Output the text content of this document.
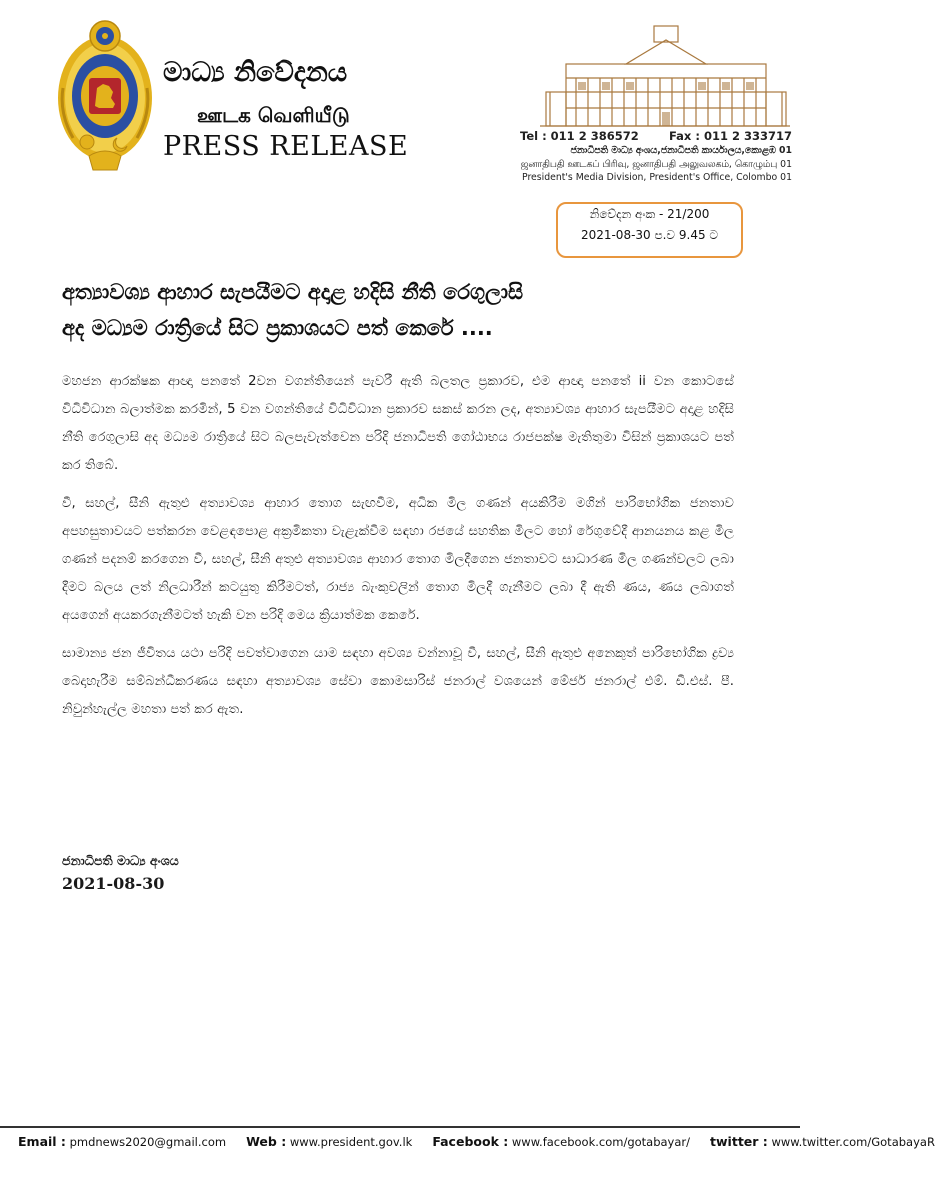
මාධ්‍ය නිවේදනය
ஊடக வெளியீடு
PRESS RELEASE	Tel : 011 2 386572	Fax : 011 2 333717
ජනාධිපති මාධ්‍ය අංශය,ජනාධිපති කාර්යාලය,කොළඹ 01
ஜனாதிபதி ஊடகப் பிரிவு, ஜனாதிபதி அலுவலகம், கொழும்பு 01
President's Media Division, President's Office, Colombo 01
නිවේදන අංක - 21/200
2021-08-30 ප.ව 9.45 ට
අත්‍යාවශ්‍ය ආහාර සැපයීමට අදාළ හදිසි නීති රෙගුලාසි
අද මධ්‍යම රාත්‍රියේ සිට ප්‍රකාශයට පත් කෙරේ ....

මහජන ආරක්ෂක ආඥා පනතේ 2වන වගන්තියෙන් පැවරී ඇති බලතල ප්‍රකාරව, එම ආඥා පනතේ ii වන කොටසේ විධිවිධාන බලාත්මක කරමින්, 5 වන වගන්තියේ විධිවිධාන ප්‍රකාරව සකස් කරන ලද, අත්‍යාවශ්‍ය ආහාර සැපයීමට අදාළ හදිසි නීති රෙගුලාසි අද මධ්‍යම රාත්‍රියේ සිට බලපැවැත්වෙන පරිදි ජනාධිපති ගෝඨාභය රාජපක්ෂ මැතිතුමා විසින් ප්‍රකාශයට පත් කර තිබේ.

වී, සහල්, සීනි ඇතුළු අත්‍යාවශ්‍ය ආහාර තොග සැඟවීම, අධික මිල ගණන් අයකිරීම මගින් පාරිභෝගික ජනතාව අපහසුතාවයට පත්කරන වෙළඳපොළ අක්‍රමිකතා වැළැක්වීම සඳහා රජයේ සහතික මිලට හෝ රේගුවේදී ආනයනය කළ මිල ගණන් පදනම් කරගෙන වී, සහල්, සීනි අතුළු අත්‍යාවශ්‍ය ආහාර තොග මිලදීගෙන ජනතාවට සාධාරණ මිල ගණන්වලට ලබා දීමට බලය ලත් නිලධාරීන් කටයුතු කිරීමටත්, රාජ්‍ය බැංකුවලින් තොග මිලදී ගැනීමට ලබා දී ඇති ණය, ණය ලබාගත් අයගෙන් අයකරගැනීමටත් හැකි වන පරිදි මෙය ක්‍රියාත්මක කෙරේ.

සාමාන්‍ය ජන ජීවිතය යථා පරිදි පවත්වාගෙන යාම සඳහා අවශ්‍ය වන්නාවූ වී, සහල්, සීනි ඇතුළු අනෙකුත් පාරිභෝගික ද්‍රව්‍ය බෙදාහැරීම සම්බන්ධීකරණය සඳහා අත්‍යාවශ්‍ය සේවා කොමසාරිස් ජනරාල් වශයෙන් මේජර් ජනරාල් එම්. ඩී.එස්. පී. නිවුන්හැල්ල මහතා පත් කර ඇත.

ජනාධිපති මාධ්‍ය අංශය
2021-08-30
Email : pmdnews2020@gmail.com Web : www.president.gov.lk Facebook : www.facebook.com/gotabayar/ twitter : www.twitter.com/GotabayaR
